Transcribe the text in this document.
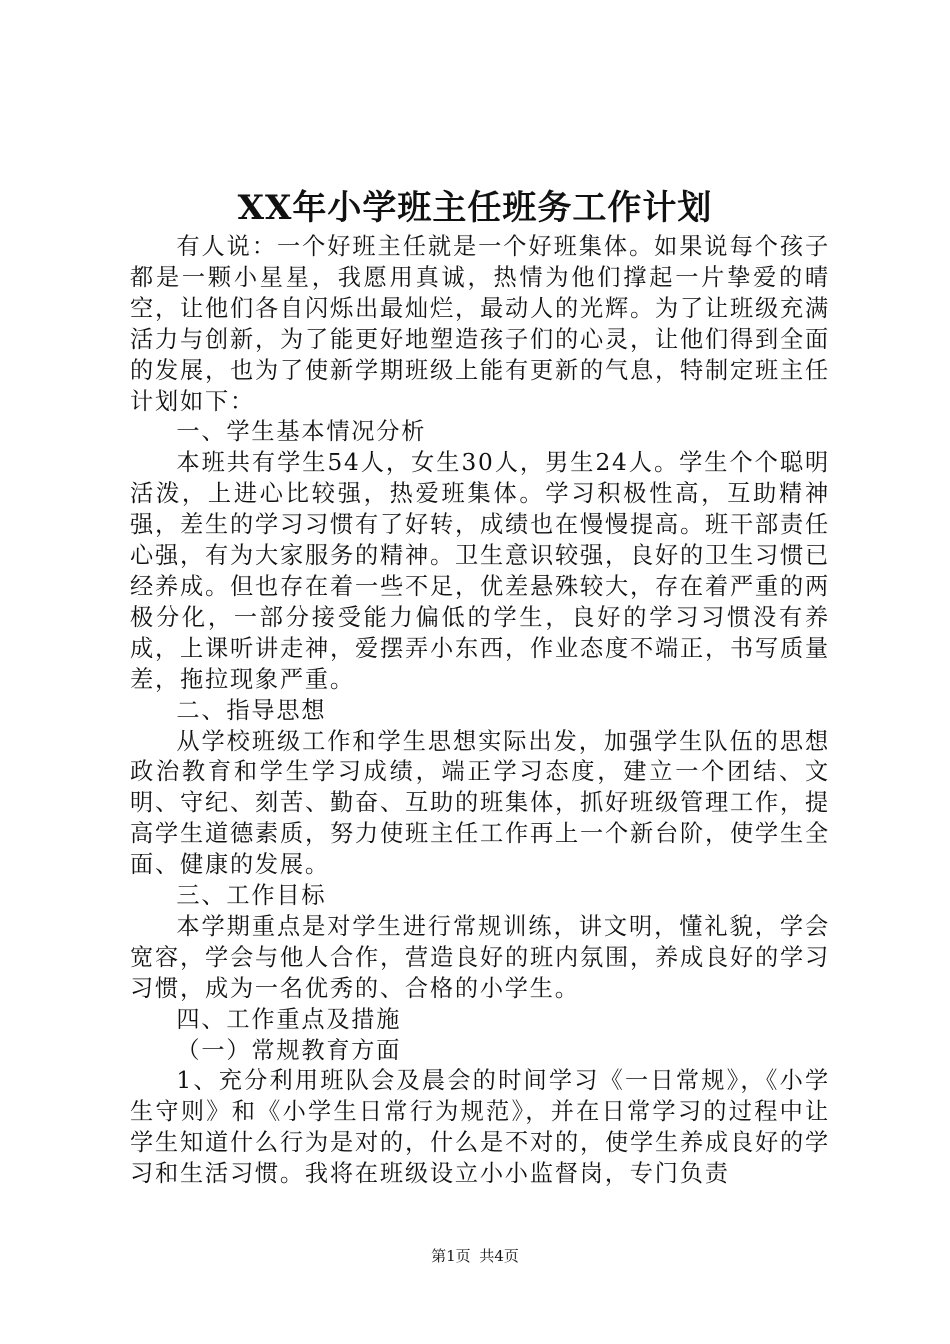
XX年小学班主任班务工作计划

有人说：一个好班主任就是一个好班集体。如果说每个孩子都是一颗小星星，我愿用真诚，热情为他们撑起一片挚爱的晴空，让他们各自闪烁出最灿烂，最动人的光辉。为了让班级充满活力与创新，为了能更好地塑造孩子们的心灵，让他们得到全面的发展，也为了使新学期班级上能有更新的气息，特制定班主任计划如下：

一、学生基本情况分析

本班共有学生54人，女生30人，男生24人。学生个个聪明活泼，上进心比较强，热爱班集体。学习积极性高，互助精神强，差生的学习习惯有了好转，成绩也在慢慢提高。班干部责任心强，有为大家服务的精神。卫生意识较强，良好的卫生习惯已经养成。但也存在着一些不足，优差悬殊较大，存在着严重的两极分化，一部分接受能力偏低的学生，良好的学习习惯没有养成，上课听讲走神，爱摆弄小东西，作业态度不端正，书写质量差，拖拉现象严重。

二、指导思想

从学校班级工作和学生思想实际出发，加强学生队伍的思想政治教育和学生学习成绩，端正学习态度，建立一个团结、文明、守纪、刻苦、勤奋、互助的班集体，抓好班级管理工作，提高学生道德素质，努力使班主任工作再上一个新台阶，使学生全面、健康的发展。

三、工作目标

本学期重点是对学生进行常规训练，讲文明，懂礼貌，学会宽容，学会与他人合作，营造良好的班内氛围，养成良好的学习习惯，成为一名优秀的、合格的小学生。

四、工作重点及措施

（一）常规教育方面

1、充分利用班队会及晨会的时间学习《一日常规》，《小学生守则》和《小学生日常行为规范》，并在日常学习的过程中让学生知道什么行为是对的，什么是不对的，使学生养成良好的学习和生活习惯。我将在班级设立小小监督岗，专门负责

第1页 共4页
